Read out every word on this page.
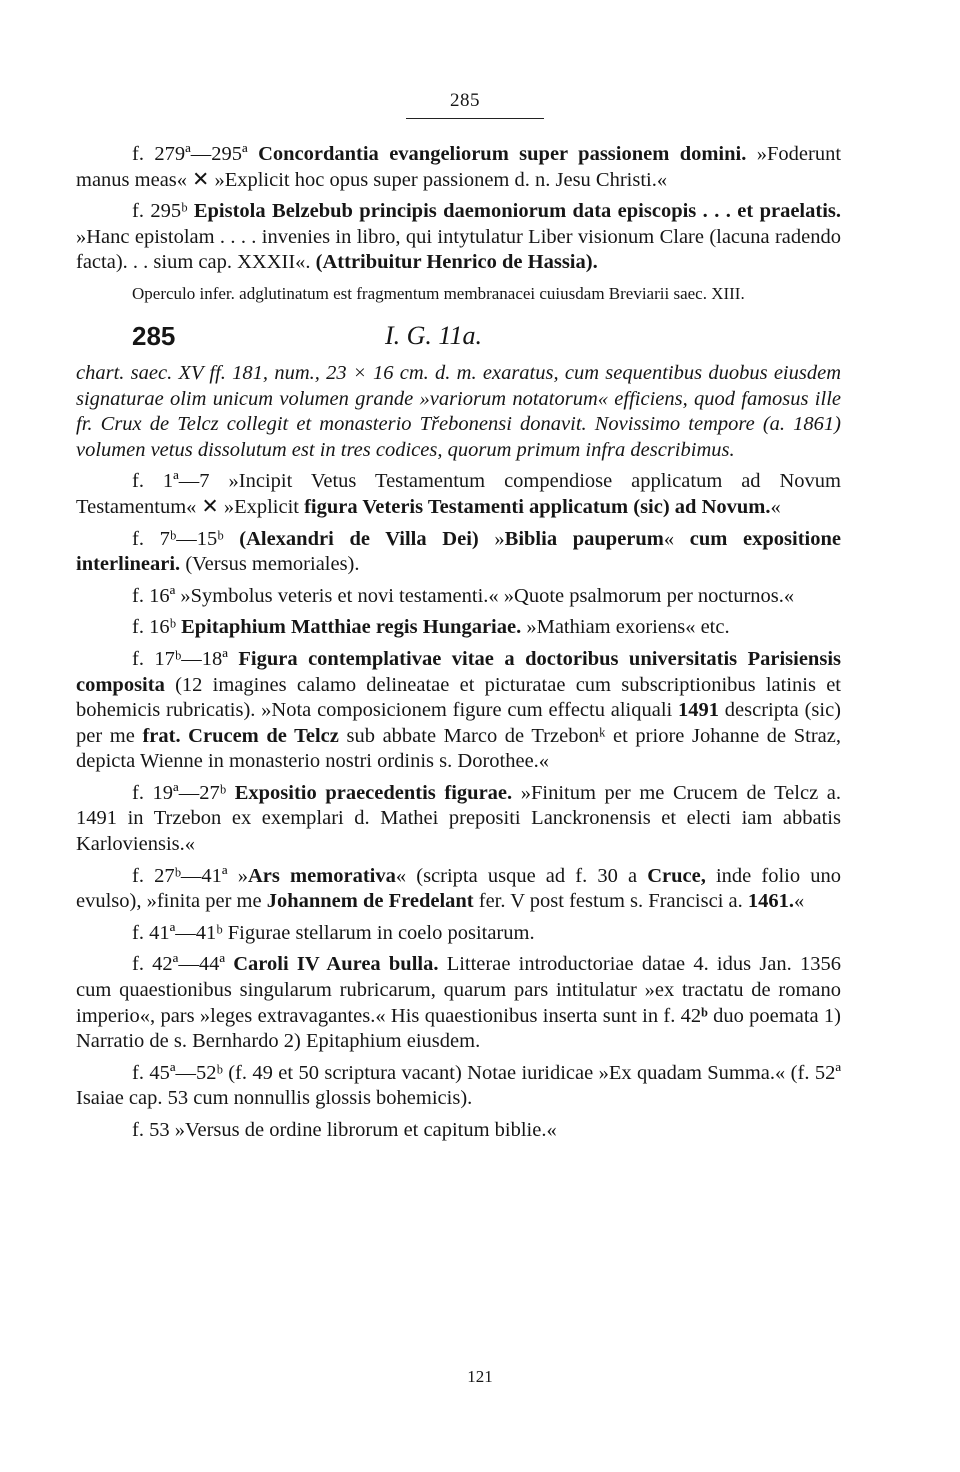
285

f. 279ª—295ª Concordantia evangeliorum super passionem domini. »Foderunt manus meas« ✕ »Explicit hoc opus super passionem d. n. Jesu Christi.«

f. 295ᵇ Epistola Belzebub principis daemoniorum data episcopis . . . et praelatis. »Hanc epistolam . . . . invenies in libro, qui intytulatur Liber visionum Clare (lacuna radendo facta). . . sium cap. XXXII«. (Attribuitur Henrico de Hassia).

Operculo infer. adglutinatum est fragmentum membranacei cuiusdam Breviarii saec. XIII.

285	I. G. 11a.

chart. saec. XV ff. 181, num., 23 × 16 cm. d. m. exaratus, cum sequentibus duobus eiusdem signaturae olim unicum volumen grande »variorum notatorum« efficiens, quod famosus ille fr. Crux de Telcz collegit et monasterio Třebonensi donavit. Novissimo tempore (a. 1861) volumen vetus dissolutum est in tres codices, quorum primum infra describimus.

f. 1ª—7 »Incipit Vetus Testamentum compendiose applicatum ad Novum Testamentum« ✕ »Explicit figura Veteris Testamenti applicatum (sic) ad Novum.«

f. 7ᵇ—15ᵇ (Alexandri de Villa Dei) »Biblia pauperum« cum expositione interlineari. (Versus memoriales).

f. 16ª »Symbolus veteris et novi testamenti.« »Quote psalmorum per nocturnos.«

f. 16ᵇ Epitaphium Matthiae regis Hungariae. »Mathiam exoriens« etc.

f. 17ᵇ—18ª Figura contemplativae vitae a doctoribus universitatis Parisiensis composita (12 imagines calamo delineatae et picturatae cum subscriptionibus latinis et bohemicis rubricatis). »Nota composicionem figure cum effectu aliquali 1491 descripta (sic) per me frat. Crucem de Telcz sub abbate Marco de Trzebonᵏ et priore Johanne de Straz, depicta Wienne in monasterio nostri ordinis s. Dorothee.«

f. 19ª—27ᵇ Expositio praecedentis figurae. »Finitum per me Crucem de Telcz a. 1491 in Trzebon ex exemplari d. Mathei prepositi Lanckronensis et electi iam abbatis Karloviensis.«

f. 27ᵇ—41ª »Ars memorativa« (scripta usque ad f. 30 a Cruce, inde folio uno evulso), »finita per me Johannem de Fredelant fer. V post festum s. Francisci a. 1461.«

f. 41ª—41ᵇ Figurae stellarum in coelo positarum.

f. 42ª—44ª Caroli IV Aurea bulla. Litterae introductoriae datae 4. idus Jan. 1356 cum quaestionibus singularum rubricarum, quarum pars intitulatur »ex tractatu de romano imperio«, pars »leges extravagantes.« His quaestionibus inserta sunt in f. 42ᵇ duo poemata 1) Narratio de s. Bernhardo 2) Epitaphium eiusdem.

f. 45ª—52ᵇ (f. 49 et 50 scriptura vacant) Notae iuridicae »Ex quadam Summa.« (f. 52ª Isaiae cap. 53 cum nonnullis glossis bohemicis).

f. 53 »Versus de ordine librorum et capitum biblie.«

121
